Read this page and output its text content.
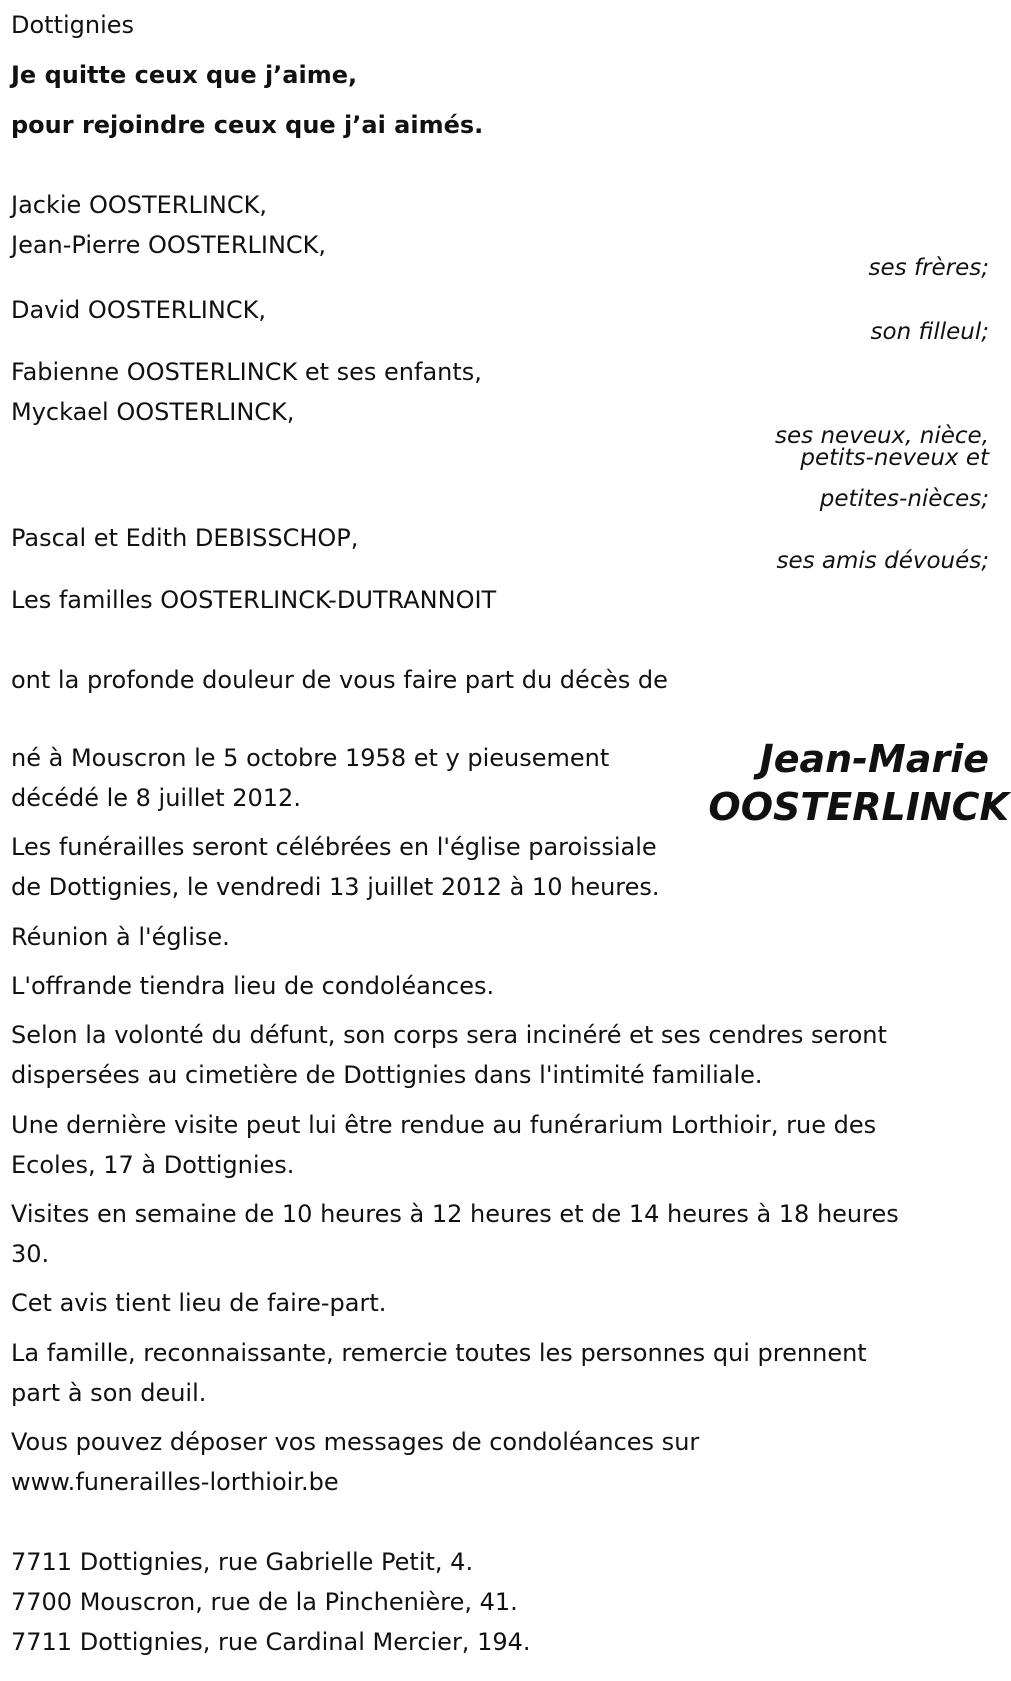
Dottignies
Je quitte ceux que j’aime,
pour rejoindre ceux que j’ai aimés.
Jackie OOSTERLINCK,
Jean-Pierre OOSTERLINCK,
ses frères;
David OOSTERLINCK,
son filleul;
Fabienne OOSTERLINCK et ses enfants,
Myckael OOSTERLINCK,
ses neveux, nièce,
petits-neveux et
petites-nièces;
Pascal et Edith DEBISSCHOP,
ses amis dévoués;
Les familles OOSTERLINCK-DUTRANNOIT
ont la profonde douleur de vous faire part du décès de
Jean-Marie
OOSTERLINCK
né à Mouscron le 5 octobre 1958 et y pieusement
décédé le 8 juillet 2012.
Les funérailles seront célébrées en l'église paroissiale
de Dottignies, le vendredi 13 juillet 2012 à 10 heures.
Réunion à l'église.
L'offrande tiendra lieu de condoléances.
Selon la volonté du défunt, son corps sera incinéré et ses cendres seront
dispersées au cimetière de Dottignies dans l'intimité familiale.
Une dernière visite peut lui être rendue au funérarium Lorthioir, rue des
Ecoles, 17 à Dottignies.
Visites en semaine de 10 heures à 12 heures et de 14 heures à 18 heures
30.
Cet avis tient lieu de faire-part.
La famille, reconnaissante, remercie toutes les personnes qui prennent
part à son deuil.
Vous pouvez déposer vos messages de condoléances sur
www.funerailles-lorthioir.be
7711 Dottignies, rue Gabrielle Petit, 4.
7700 Mouscron, rue de la Pinchenière, 41.
7711 Dottignies, rue Cardinal Mercier, 194.
